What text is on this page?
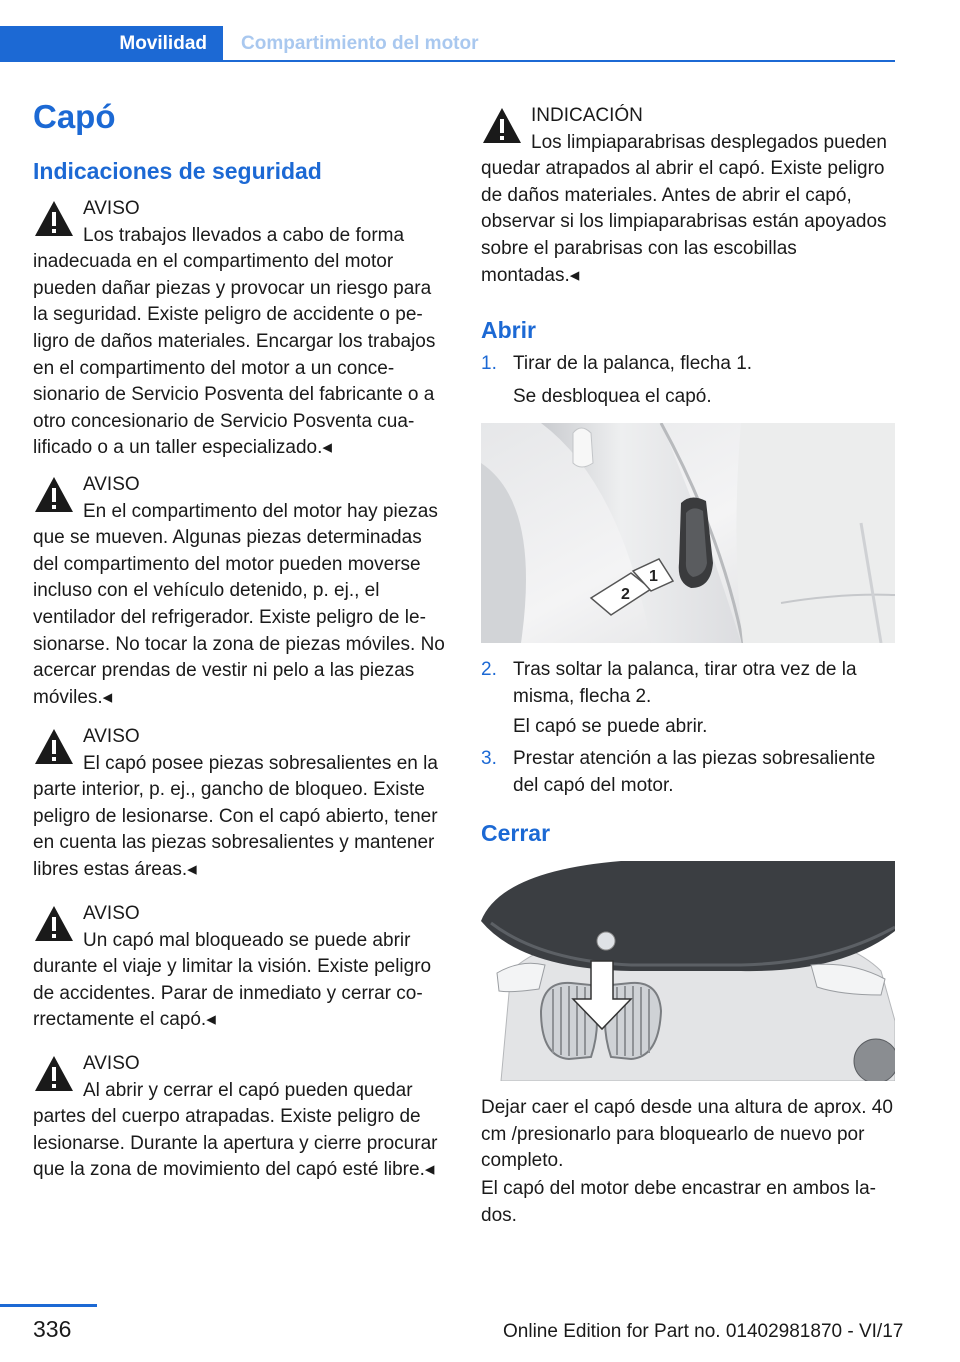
Movilidad	Compartimiento del motor
Capó
Indicaciones de seguridad
AVISO
Los trabajos llevados a cabo de forma inadecuada en el compartimento del motor pueden dañar piezas y provocar un riesgo para la seguridad. Existe peligro de accidente o peligro de daños materiales. Encargar los trabajos en el compartimento del motor a un concesionario de Servicio Posventa del fabricante o a otro concesionario de Servicio Posventa cualificado o a un taller especializado.◂
AVISO
En el compartimento del motor hay piezas que se mueven. Algunas piezas determinadas del compartimento del motor pueden moverse incluso con el vehículo detenido, p. ej., el ventilador del refrigerador. Existe peligro de lesionarse. No tocar la zona de piezas móviles. No acercar prendas de vestir ni pelo a las piezas móviles.◂
AVISO
El capó posee piezas sobresalientes en la parte interior, p. ej., gancho de bloqueo. Existe peligro de lesionarse. Con el capó abierto, tener en cuenta las piezas sobresalientes y mantener libres estas áreas.◂
AVISO
Un capó mal bloqueado se puede abrir durante el viaje y limitar la visión. Existe peligro de accidentes. Parar de inmediato y cerrar correctamente el capó.◂
AVISO
Al abrir y cerrar el capó pueden quedar partes del cuerpo atrapadas. Existe peligro de lesionarse. Durante la apertura y cierre procurar que la zona de movimiento del capó esté libre.◂
INDICACIÓN
Los limpiaparabrisas desplegados pueden quedar atrapados al abrir el capó. Existe peligro de daños materiales. Antes de abrir el capó, observar si los limpiaparabrisas están apoyados sobre el parabrisas con las escobillas montadas.◂
Abrir
1. Tirar de la palanca, flecha 1.
Se desbloquea el capó.
2
1
2. Tras soltar la palanca, tirar otra vez de la misma, flecha 2.
El capó se puede abrir.
3. Prestar atención a las piezas sobresaliente del capó del motor.
Cerrar
Dejar caer el capó desde una altura de aprox. 40 cm /presionarlo para bloquearlo de nuevo por completo.
El capó del motor debe encastrar en ambos lados.
336	Online Edition for Part no. 01402981870 - VI/17
